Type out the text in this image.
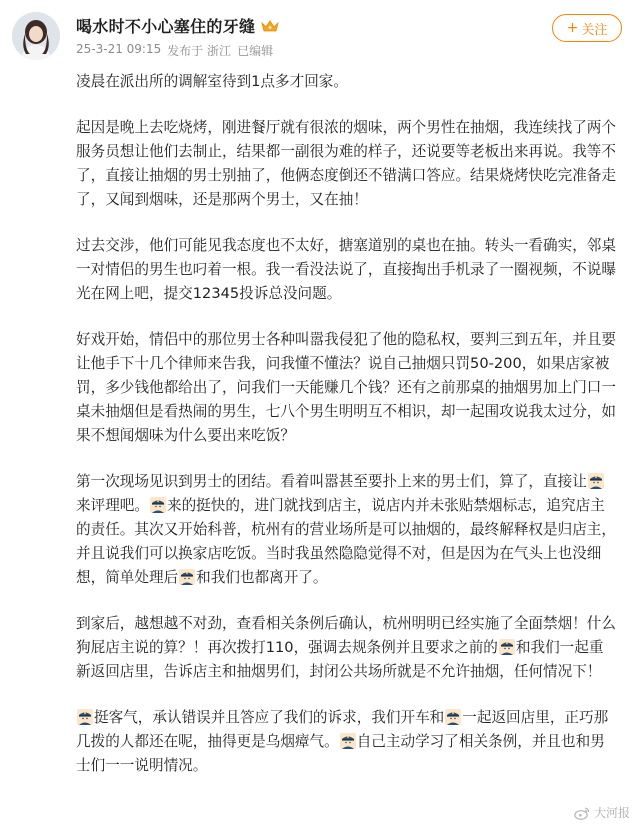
喝水时不小心塞住的牙缝
25-3-21 09:15 发布于 浙江 已编辑
+ 关注

凌晨在派出所的调解室待到1点多才回家。

起因是晚上去吃烧烤，刚进餐厅就有很浓的烟味，两个男性在抽烟，我连续找了两个服务员想让他们去制止，结果都一副很为难的样子，还说要等老板出来再说。我等不了，直接让抽烟的男士别抽了，他俩态度倒还不错满口答应。结果烧烤快吃完准备走了，又闻到烟味，还是那两个男士，又在抽！

过去交涉，他们可能见我态度也不太好，搪塞道别的桌也在抽。转头一看确实，邻桌一对情侣的男生也叼着一根。我一看没法说了，直接掏出手机录了一圈视频，不说曝光在网上吧，提交12345投诉总没问题。

好戏开始，情侣中的那位男士各种叫嚣我侵犯了他的隐私权，要判三到五年，并且要让他手下十几个律师来告我，问我懂不懂法？说自己抽烟只罚50-200，如果店家被罚，多少钱他都给出了，问我们一天能赚几个钱？还有之前那桌的抽烟男加上门口一桌未抽烟但是看热闹的男生，七八个男生明明互不相识，却一起围攻说我太过分，如果不想闻烟味为什么要出来吃饭？

第一次现场见识到男士的团结。看着叫嚣甚至要扑上来的男士们，算了，直接让来评理吧。 来的挺快的，进门就找到店主，说店内并未张贴禁烟标志，追究店主的责任。其次又开始科普，杭州有的营业场所是可以抽烟的，最终解释权是归店主，并且说我们可以换家店吃饭。当时我虽然隐隐觉得不对，但是因为在气头上也没细想，简单处理后 和我们也都离开了。

到家后，越想越不对劲，查看相关条例后确认，杭州明明已经实施了全面禁烟！什么狗屁店主说的算？！再次拨打110，强调去规条例并且要求之前的 和我们一起重新返回店里，告诉店主和抽烟男们，封闭公共场所就是不允许抽烟，任何情况下！

挺客气，承认错误并且答应了我们的诉求，我们开车和 一起返回店里，正巧那几拨的人都还在呢，抽得更是乌烟瘴气。 自己主动学习了相关条例，并且也和男士们一一说明情况。

大河报
